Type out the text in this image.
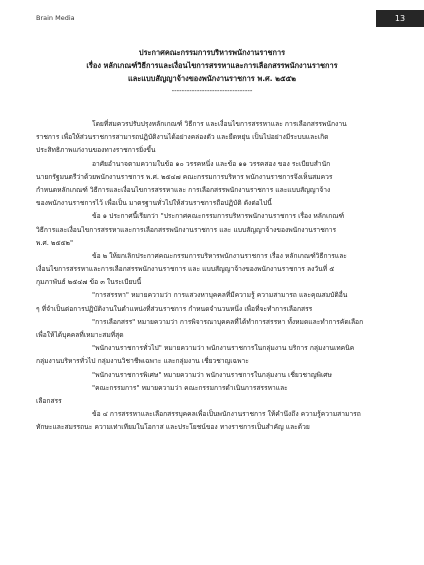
Brain Media	13
ประกาศคณะกรรมการบริหารพนักงานราชการ
เรื่อง หลักเกณฑ์วิธีการและเงื่อนไขการสรรหาและการเลือกสรรพนักงานราชการ
และแบบสัญญาจ้างของพนักงานราชการ พ.ศ. ๒๕๕๒
--------------------------------
โดยที่สมควรปรับปรุงหลักเกณฑ์ วิธีการ และเงื่อนไขการสรรหาและ การเลือกสรรพนักงาน
ราชการ เพื่อให้ส่วนราชการสามารถปฏิบัติงานได้อย่างคล่องตัว และยืดหยุ่น เป็นไปอย่างมีระบบและเกิด
ประสิทธิภาพแก่งานของทางราชการยิ่งขึ้น
อาศัยอำนาจตามความในข้อ ๑๐ วรรคหนึ่ง และข้อ ๑๑ วรรคสอง ของ ระเบียบสำนัก
นายกรัฐมนตรีว่าด้วยพนักงานราชการ พ.ศ. ๒๕๔๗ คณะกรรมการบริหาร พนักงานราชการจึงเห็นสมควร
กำหนดหลักเกณฑ์ วิธีการและเงื่อนไขการสรรหาและ การเลือกสรรพนักงานราชการ และแบบสัญญาจ้าง
ของพนักงานราชการไว้ เพื่อเป็น มาตรฐานทั่วไปให้ส่วนราชการถือปฏิบัติ ดังต่อไปนี้
ข้อ ๑ ประกาศนี้เรียกว่า "ประกาศคณะกรรมการบริหารพนักงานราชการ เรื่อง หลักเกณฑ์
วิธีการและเงื่อนไขการสรรหาและการเลือกสรรพนักงานราชการ และ แบบสัญญาจ้างของพนักงานราชการ
พ.ศ. ๒๕๕๒"
ข้อ ๒ ให้ยกเลิกประกาศคณะกรรมการบริหารพนักงานราชการ เรื่อง หลักเกณฑ์วิธีการและ
เงื่อนไขการสรรหาและการเลือกสรรพนักงานราชการ และ แบบสัญญาจ้างของพนักงานราชการ ลงวันที่ ๕
กุมภาพันธ์ ๒๕๔๗ ข้อ ๓ ในระเบียบนี้
"การสรรหา" หมายความว่า การแสวงหาบุคคลที่มีความรู้ ความสามารถ และคุณสมบัติอื่น
ๆ ที่จำเป็นต่อการปฏิบัติงานในตำแหน่งที่ส่วนราชการ กำหนดจำนวนหนึ่ง เพื่อที่จะทำการเลือกสรร
"การเลือกสรร" หมายความว่า การพิจารณาบุคคลที่ได้ทำการสรรหา ทั้งหมดและทำการคัดเลือก
เพื่อให้ได้บุคคลที่เหมาะสมที่สุด
"พนักงานราชการทั่วไป" หมายความว่า พนักงานราชการในกลุ่มงาน บริการ กลุ่มงานเทคนิค
กลุ่มงานบริหารทั่วไป กลุ่มงานวิชาชีพเฉพาะ และกลุ่มงาน เชี่ยวชาญเฉพาะ
"พนักงานราชการพิเศษ" หมายความว่า พนักงานราชการในกลุ่มงาน เชี่ยวชาญพิเศษ
"คณะกรรมการ" หมายความว่า คณะกรรมการดำเนินการสรรหาและ
เลือกสรร
ข้อ ๔ การสรรหาและเลือกสรรบุคคลเพื่อเป็นพนักงานราชการ ให้คำนึงถึง ความรู้ความสามารถ
ทักษะและสมรรถนะ ความเท่าเทียมในโอกาส และประโยชน์ของ ทางราชการเป็นสำคัญ และด้วย
